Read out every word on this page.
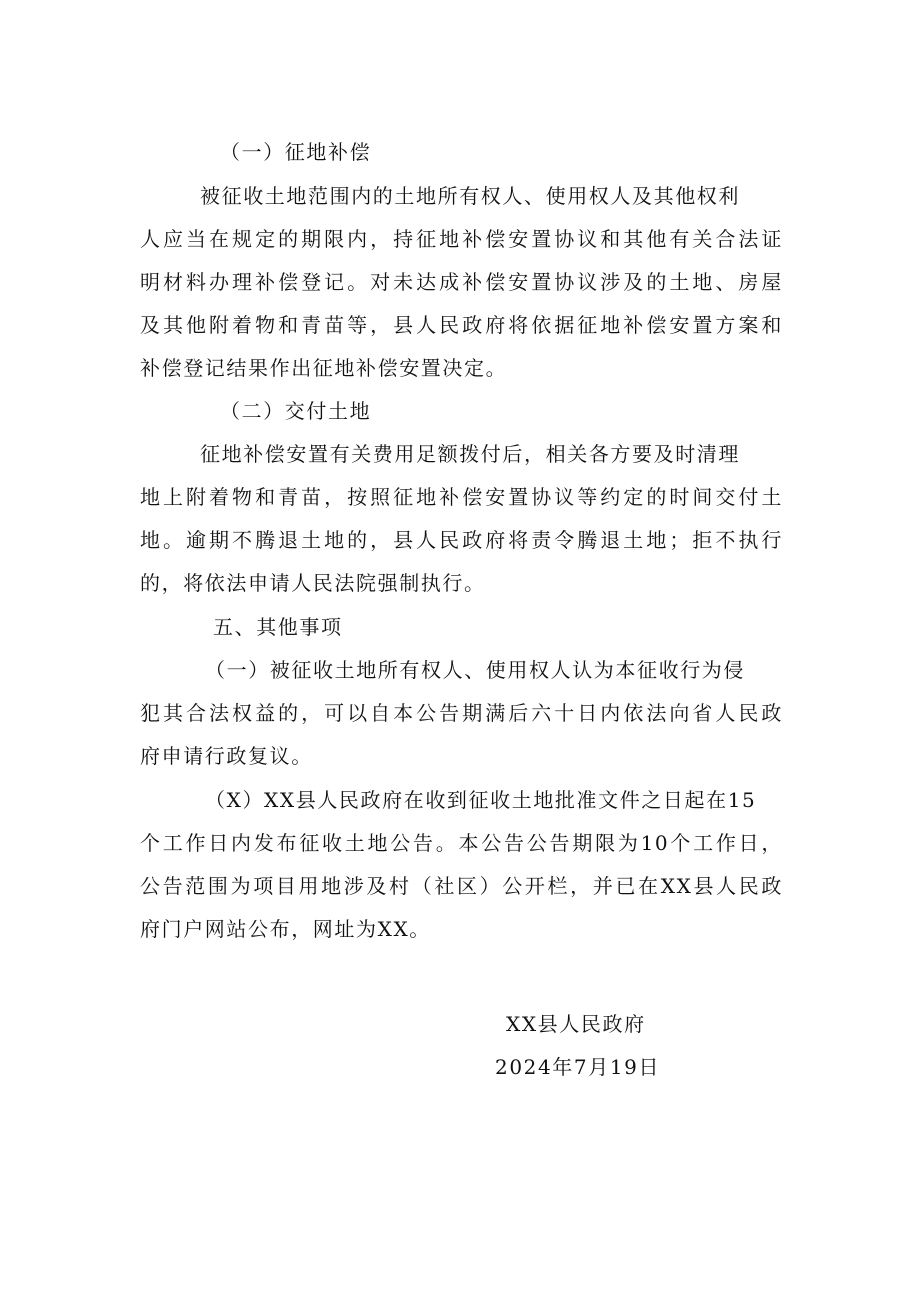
（一）征地补偿
被征收土地范围内的土地所有权人、使用权人及其他权利
人应当在规定的期限内，持征地补偿安置协议和其他有关合法证
明材料办理补偿登记。对未达成补偿安置协议涉及的土地、房屋
及其他附着物和青苗等，县人民政府将依据征地补偿安置方案和
补偿登记结果作出征地补偿安置决定。
（二）交付土地
征地补偿安置有关费用足额拨付后，相关各方要及时清理
地上附着物和青苗，按照征地补偿安置协议等约定的时间交付土
地。逾期不腾退土地的，县人民政府将责令腾退土地；拒不执行
的，将依法申请人民法院强制执行。
五、其他事项
（一）被征收土地所有权人、使用权人认为本征收行为侵
犯其合法权益的，可以自本公告期满后六十日内依法向省人民政
府申请行政复议。
（X）XX县人民政府在收到征收土地批准文件之日起在15
个工作日内发布征收土地公告。本公告公告期限为10个工作日，
公告范围为项目用地涉及村（社区）公开栏，并已在XX县人民政
府门户网站公布，网址为XX。
XX县人民政府
2024年7月19日
